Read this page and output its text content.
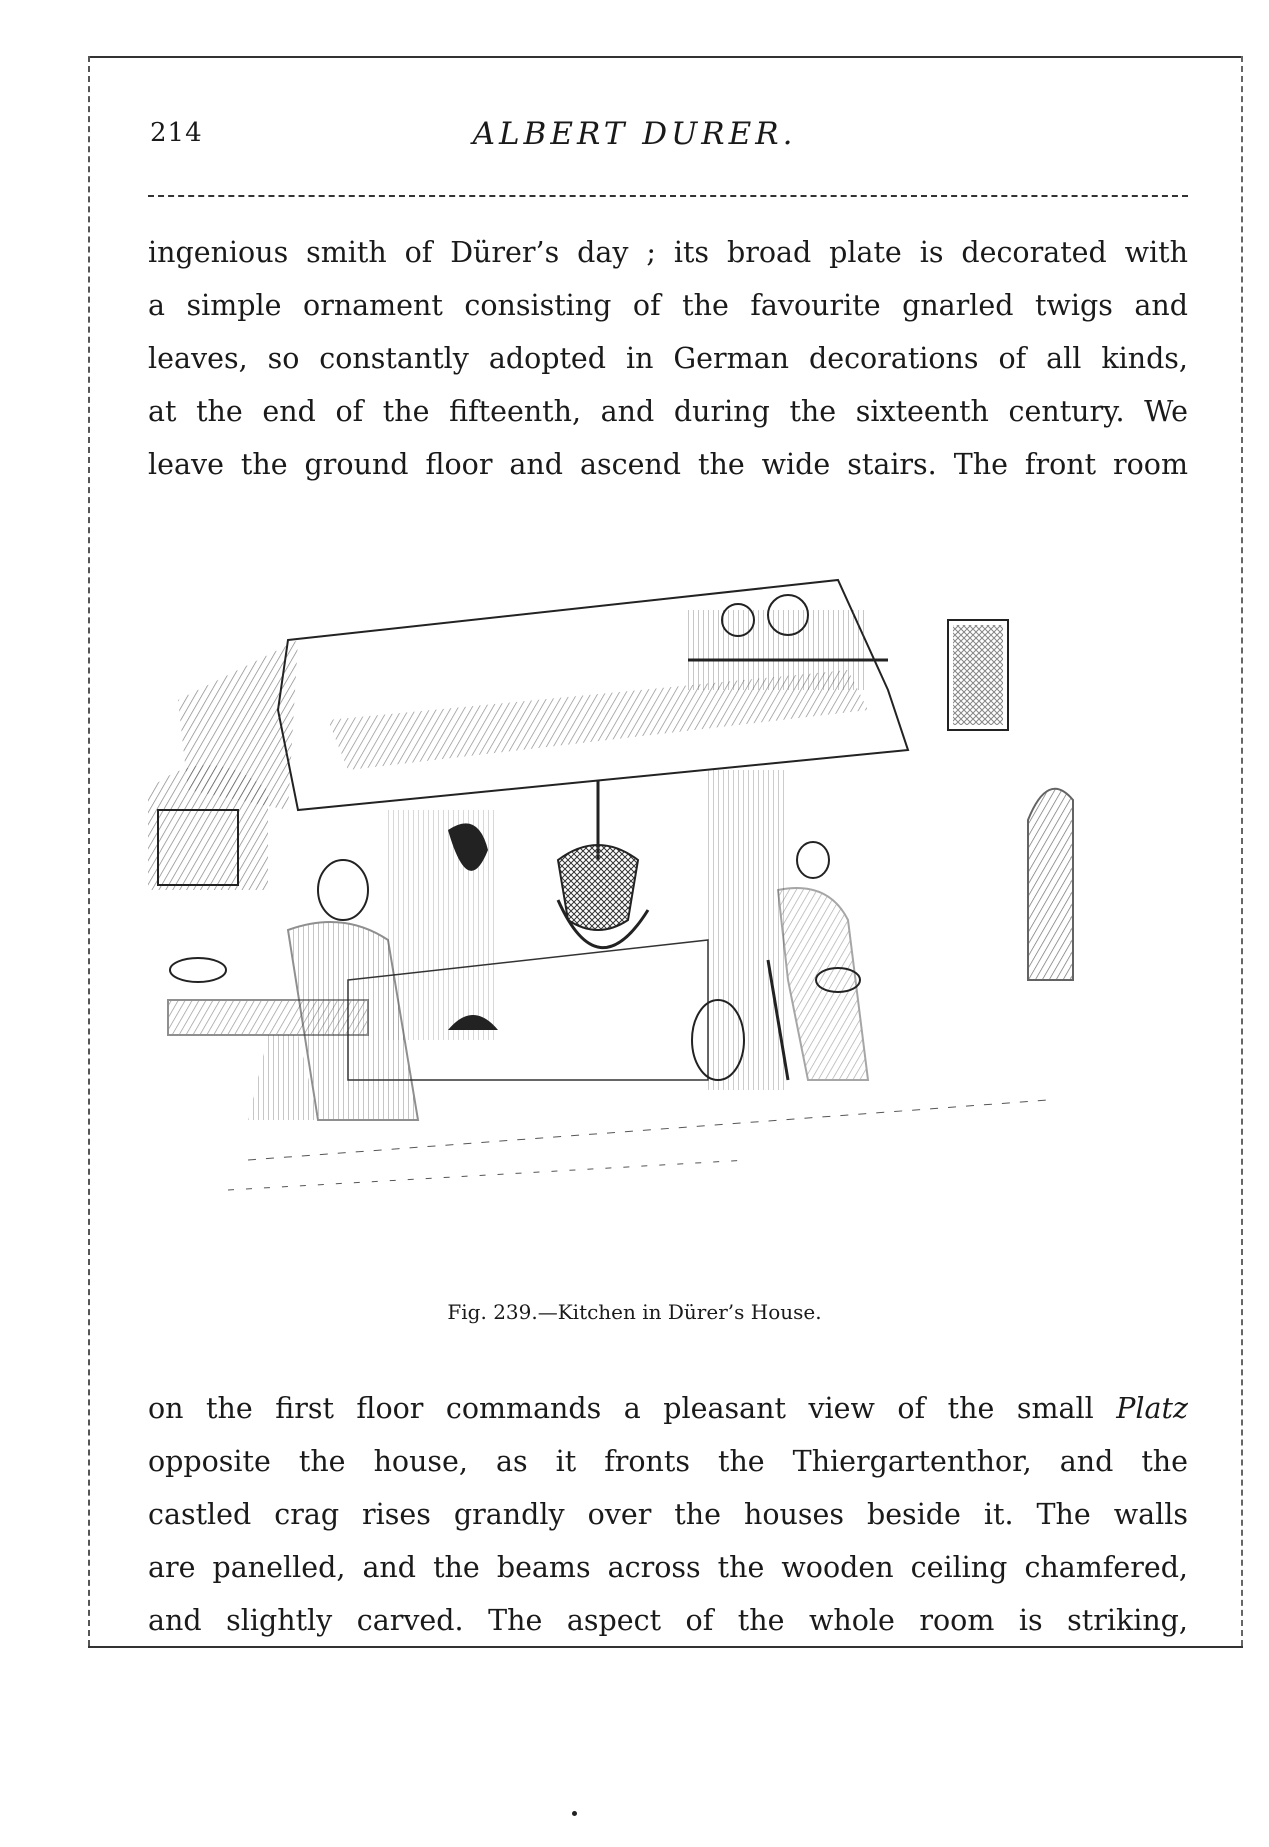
214	ALBERT DURER.
ingenious smith of Dürer’s day ; its broad plate is decorated with
a simple ornament consisting of the favourite gnarled twigs and
leaves, so constantly adopted in German decorations of all kinds,
at the end of the fifteenth, and during the sixteenth century. We
leave the ground floor and ascend the wide stairs. The front room
Fig. 239.—Kitchen in Dürer’s House.
on the first floor commands a pleasant view of the small Platz
opposite the house, as it fronts the Thiergartenthor, and the
castled crag rises grandly over the houses beside it. The walls
are panelled, and the beams across the wooden ceiling chamfered,
and slightly carved. The aspect of the whole room is striking,
